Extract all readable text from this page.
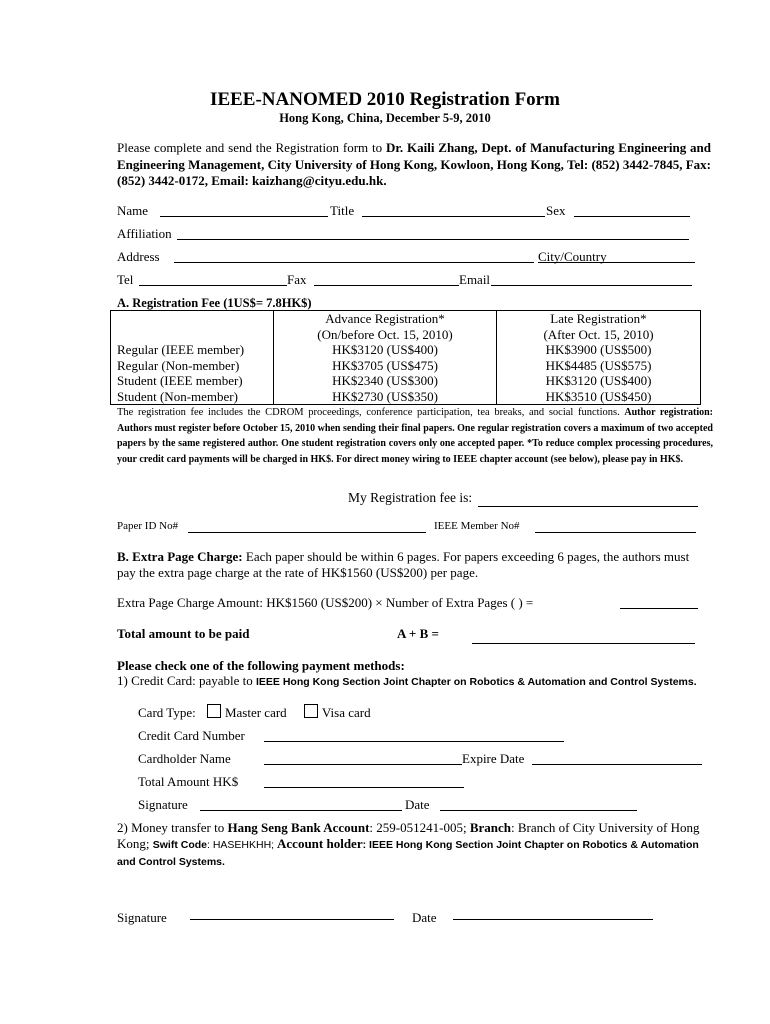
IEEE-NANOMED 2010 Registration Form
Hong Kong, China, December 5-9, 2010
Please complete and send the Registration form to Dr. Kaili Zhang, Dept. of Manufacturing Engineering and Engineering Management, City University of Hong Kong, Kowloon, Hong Kong, Tel: (852) 3442-7845, Fax: (852) 3442-0172, Email: kaizhang@cityu.edu.hk.
Name	Title	Sex
Affiliation
Address	City/Country
Tel	Fax	Email
A. Registration Fee (1US$= 7.8HK$)
	Advance Registration*	Late Registration*
	(On/before Oct. 15, 2010)	(After Oct. 15, 2010)
Regular (IEEE member)	HK$3120 (US$400)	HK$3900 (US$500)
Regular (Non-member)	HK$3705 (US$475)	HK$4485 (US$575)
Student (IEEE member)	HK$2340 (US$300)	HK$3120 (US$400)
Student (Non-member)	HK$2730 (US$350)	HK$3510 (US$450)
The registration fee includes the CDROM proceedings, conference participation, tea breaks, and social functions. Author registration: Authors must register before October 15, 2010 when sending their final papers. One regular registration covers a maximum of two accepted papers by the same registered author. One student registration covers only one accepted paper. *To reduce complex processing procedures, your credit card payments will be charged in HK$. For direct money wiring to IEEE chapter account (see below), please pay in HK$.
My Registration fee is:
Paper ID No#	IEEE Member No#
B. Extra Page Charge: Each paper should be within 6 pages. For papers exceeding 6 pages, the authors must pay the extra page charge at the rate of HK$1560 (US$200) per page.
Extra Page Charge Amount: HK$1560 (US$200) × Number of Extra Pages ( ) =
Total amount to be paid	A + B =
Please check one of the following payment methods:
1) Credit Card: payable to IEEE Hong Kong Section Joint Chapter on Robotics & Automation and Control Systems.
Card Type: Master card	Visa card
Credit Card Number
Cardholder Name	Expire Date
Total Amount HK$
Signature	Date
2) Money transfer to Hang Seng Bank Account: 259-051241-005; Branch: Branch of City University of Hong Kong; Swift Code: HASEHKHH; Account holder: IEEE Hong Kong Section Joint Chapter on Robotics & Automation and Control Systems.
Signature	Date
